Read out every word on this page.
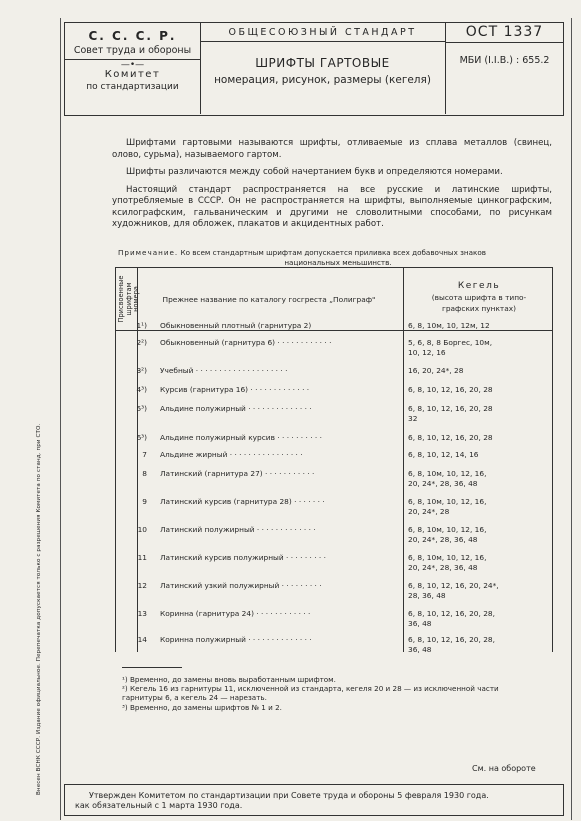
Внесен ВСНК СССР. Издание официальное. Перепечатка допускается только с разрешения Комитета по станд. при СТО.
С. С. С. Р.
Совет труда и обороны
—•—
Комитет
по стандартизации
ОБЩЕСОЮЗНЫЙ СТАНДАРТ
ШРИФТЫ ГАРТОВЫЕ
номерация, рисунок, размеры (кегеля)
ОСТ 1337
МБИ (I.I.B.) : 655.2

Шрифтами гартовыми называются шрифты, отливаемые из сплава металлов (свинец, олово, сурьма), называемого гартом.

Шрифты различаются между собой начертанием букв и определяются номерами.

Настоящий стандарт распространяется на все русские и латинские шрифты, употребляемые в СССР. Он не распространяется на шрифты, выполняемые цинкографским, ксилографским, гальваническим и другими не словолитными способами, по рисункам художников, для обложек, плакатов и акцидентных работ.

Примечание. Ко всем стандартным шрифтам допускается приливка всех добавочных знаков
национальных меньшинств.
Присвоенные шрифтам номера	Прежнее название по каталогу госгреста „Полиграф"
Кегель
(высота шрифта в типо-
графских пунктах)
1¹) Обыкновенный плотный (гарнитура 2)	6, 8, 10м, 10, 12м, 12
2²) Обыкновенный (гарнитура 6) · · · · · · · · · · · ·	5, 6, 8, 8 Боргес, 10м,
10, 12, 16
3²) Учебный · · · · · · · · · · · · · · · · · · · ·	16, 20, 24*, 28
4³) Курсив (гарнитура 16) · · · · · · · · · · · · ·	6, 8, 10, 12, 16, 20, 28
5³) Альдине полужирный · · · · · · · · · · · · · ·	6, 8, 10, 12, 16, 20, 28
32
6³) Альдине полужирный курсив · · · · · · · · · ·	6, 8, 10, 12, 16, 20, 28
7 Альдине жирный · · · · · · · · · · · · · · · ·	6, 8, 10, 12, 14, 16
8 Латинский (гарнитура 27) · · · · · · · · · · ·	6, 8, 10м, 10, 12, 16,
20, 24*, 28, 36, 48
9 Латинский курсив (гарнитура 28) · · · · · · ·	6, 8, 10м, 10, 12, 16,
20, 24*, 28
10 Латинский полужирный · · · · · · · · · · · · ·	6, 8, 10м, 10, 12, 16,
20, 24*, 28, 36, 48
11 Латинский курсив полужирный · · · · · · · · ·	6, 8, 10м, 10, 12, 16,
20, 24*, 28, 36, 48
12 Латинский узкий полужирный · · · · · · · · ·	6, 8, 10, 12, 16, 20, 24*,
28, 36, 48
13 Коринна (гарнитура 24) · · · · · · · · · · · ·	6, 8, 10, 12, 16, 20, 28,
36, 48
14 Коринна полужирный · · · · · · · · · · · · · ·	6, 8, 10, 12, 16, 20, 28,
36, 48
¹) Временно, до замены вновь выработанным шрифтом.
²) Кегель 16 из гарнитуры 11, исключенной из стандарта, кегеля 20 и 28 — из исключенной части
гарнитуры 6, а кегель 24 — нарезать.
³) Временно, до замены шрифтов № 1 и 2.
См. на обороте
Утвержден Комитетом по стандартизации при Совете труда и обороны 5 февраля 1930 года.
как обязательный с 1 марта 1930 года.
